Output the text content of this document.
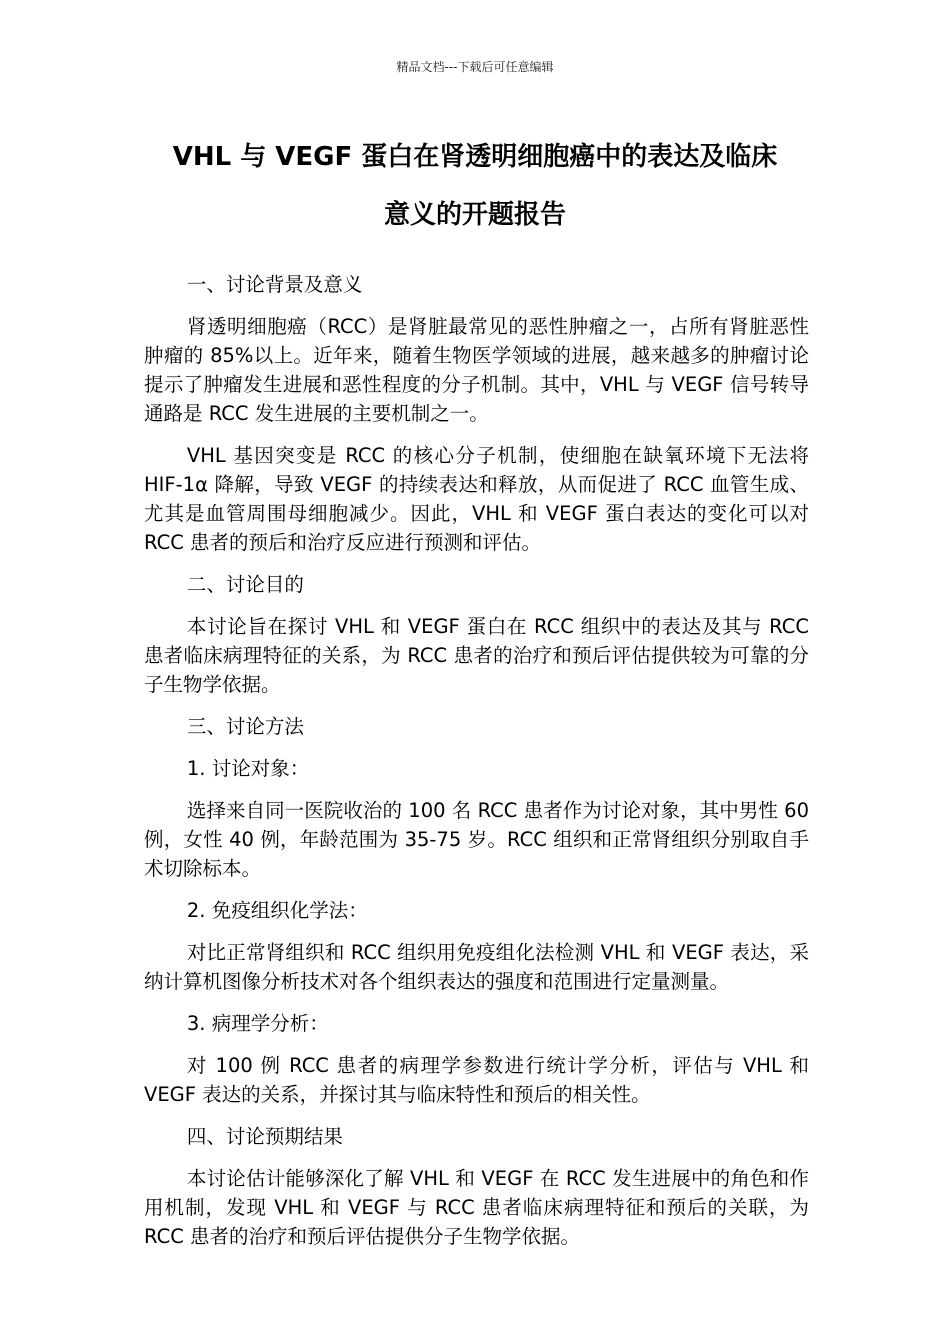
精品文档---下载后可任意编辑
VHL 与 VEGF 蛋白在肾透明细胞癌中的表达及临床
意义的开题报告

一、讨论背景及意义

肾透明细胞癌（RCC）是肾脏最常见的恶性肿瘤之一，占所有肾脏恶性肿瘤的 85%以上。近年来，随着生物医学领域的进展，越来越多的肿瘤讨论提示了肿瘤发生进展和恶性程度的分子机制。其中，VHL 与 VEGF 信号转导通路是 RCC 发生进展的主要机制之一。

VHL 基因突变是 RCC 的核心分子机制，使细胞在缺氧环境下无法将 HIF-1α 降解，导致 VEGF 的持续表达和释放，从而促进了 RCC 血管生成、尤其是血管周围母细胞减少。因此，VHL 和 VEGF 蛋白表达的变化可以对 RCC 患者的预后和治疗反应进行预测和评估。

二、讨论目的

本讨论旨在探讨 VHL 和 VEGF 蛋白在 RCC 组织中的表达及其与 RCC 患者临床病理特征的关系，为 RCC 患者的治疗和预后评估提供较为可靠的分子生物学依据。

三、讨论方法

1. 讨论对象：

选择来自同一医院收治的 100 名 RCC 患者作为讨论对象，其中男性 60 例，女性 40 例，年龄范围为 35-75 岁。RCC 组织和正常肾组织分别取自手术切除标本。

2. 免疫组织化学法：

对比正常肾组织和 RCC 组织用免疫组化法检测 VHL 和 VEGF 表达，采纳计算机图像分析技术对各个组织表达的强度和范围进行定量测量。

3. 病理学分析：

对 100 例 RCC 患者的病理学参数进行统计学分析，评估与 VHL 和 VEGF 表达的关系，并探讨其与临床特性和预后的相关性。

四、讨论预期结果

本讨论估计能够深化了解 VHL 和 VEGF 在 RCC 发生进展中的角色和作用机制，发现 VHL 和 VEGF 与 RCC 患者临床病理特征和预后的关联，为 RCC 患者的治疗和预后评估提供分子生物学依据。
